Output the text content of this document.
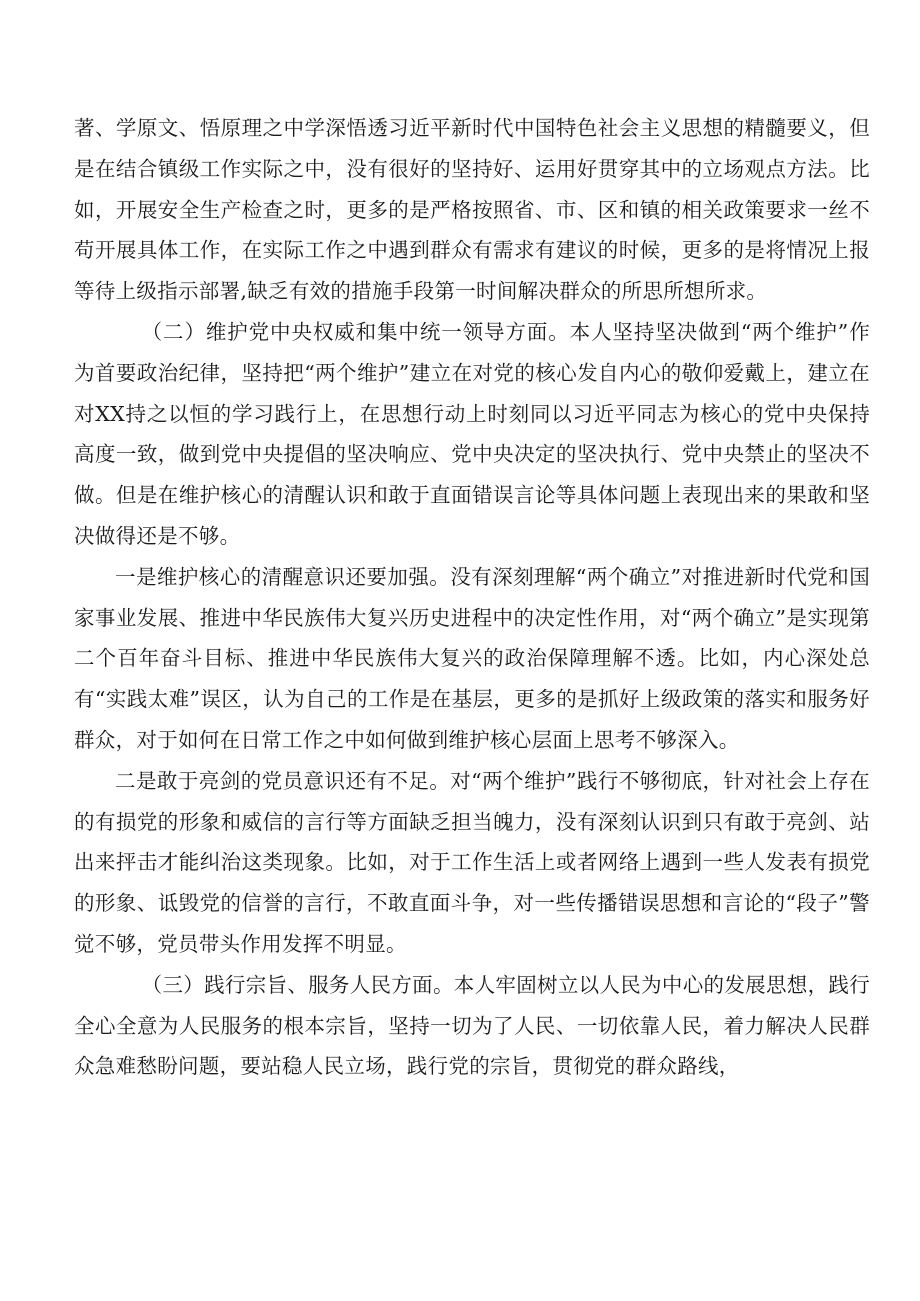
著、学原文、悟原理之中学深悟透习近平新时代中国特色社会主义思想的精髓要义，但是在结合镇级工作实际之中，没有很好的坚持好、运用好贯穿其中的立场观点方法。比如，开展安全生产检查之时，更多的是严格按照省、市、区和镇的相关政策要求一丝不苟开展具体工作，在实际工作之中遇到群众有需求有建议的时候，更多的是将情况上报等待上级指示部署,缺乏有效的措施手段第一时间解决群众的所思所想所求。

（二）维护党中央权威和集中统一领导方面。本人坚持坚决做到“两个维护”作为首要政治纪律，坚持把“两个维护”建立在对党的核心发自内心的敬仰爱戴上，建立在对XX持之以恒的学习践行上，在思想行动上时刻同以习近平同志为核心的党中央保持高度一致，做到党中央提倡的坚决响应、党中央决定的坚决执行、党中央禁止的坚决不做。但是在维护核心的清醒认识和敢于直面错误言论等具体问题上表现出来的果敢和坚决做得还是不够。

一是维护核心的清醒意识还要加强。没有深刻理解“两个确立”对推进新时代党和国家事业发展、推进中华民族伟大复兴历史进程中的决定性作用，对“两个确立”是实现第二个百年奋斗目标、推进中华民族伟大复兴的政治保障理解不透。比如，内心深处总有“实践太难”误区，认为自己的工作是在基层，更多的是抓好上级政策的落实和服务好群众，对于如何在日常工作之中如何做到维护核心层面上思考不够深入。

二是敢于亮剑的党员意识还有不足。对“两个维护”践行不够彻底，针对社会上存在的有损党的形象和威信的言行等方面缺乏担当魄力，没有深刻认识到只有敢于亮剑、站出来抨击才能纠治这类现象。比如，对于工作生活上或者网络上遇到一些人发表有损党的形象、诋毁党的信誉的言行，不敢直面斗争，对一些传播错误思想和言论的“段子”警觉不够，党员带头作用发挥不明显。

（三）践行宗旨、服务人民方面。本人牢固树立以人民为中心的发展思想，践行全心全意为人民服务的根本宗旨，坚持一切为了人民、一切依靠人民，着力解决人民群众急难愁盼问题，要站稳人民立场，践行党的宗旨，贯彻党的群众路线，
